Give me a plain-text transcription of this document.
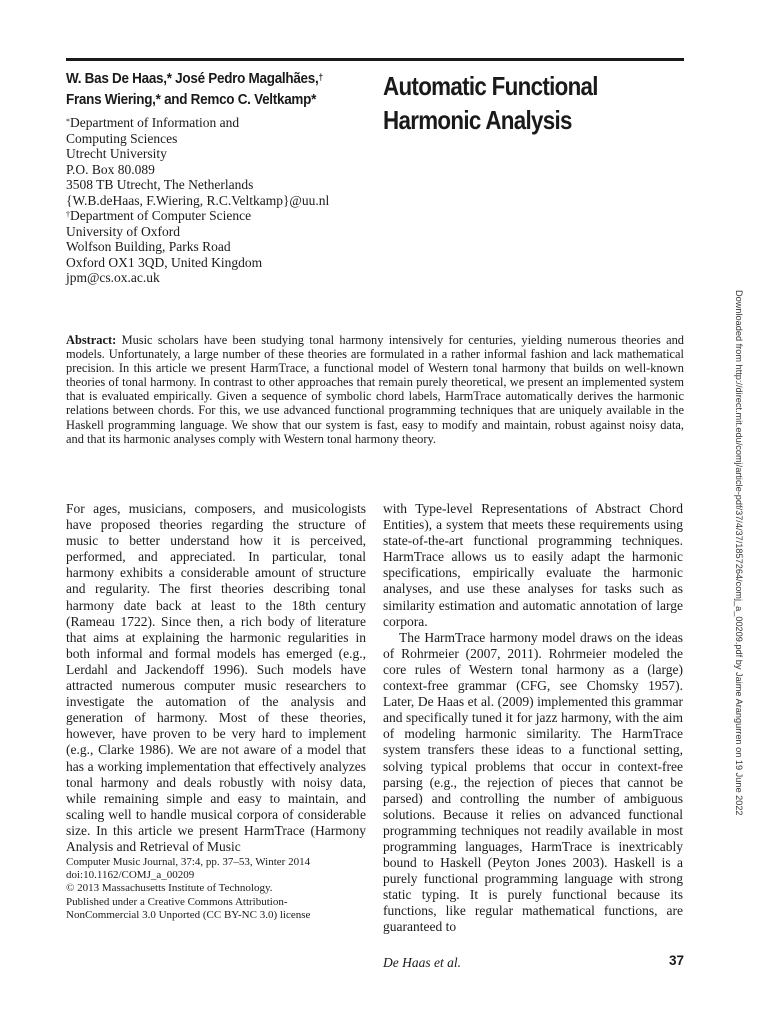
W. Bas De Haas,* José Pedro Magalhães,†
Frans Wiering,* and Remco C. Veltkamp*
*Department of Information and
Computing Sciences
Utrecht University
P.O. Box 80.089
3508 TB Utrecht, The Netherlands
{W.B.deHaas, F.Wiering, R.C.Veltkamp}@uu.nl
†Department of Computer Science
University of Oxford
Wolfson Building, Parks Road
Oxford OX1 3QD, United Kingdom
jpm@cs.ox.ac.uk
Automatic Functional
Harmonic Analysis
Abstract: Music scholars have been studying tonal harmony intensively for centuries, yielding numerous theories and models. Unfortunately, a large number of these theories are formulated in a rather informal fashion and lack mathematical precision. In this article we present HarmTrace, a functional model of Western tonal harmony that builds on well-known theories of tonal harmony. In contrast to other approaches that remain purely theoretical, we present an implemented system that is evaluated empirically. Given a sequence of symbolic chord labels, HarmTrace automatically derives the harmonic relations between chords. For this, we use advanced functional programming techniques that are uniquely available in the Haskell programming language. We show that our system is fast, easy to modify and maintain, robust against noisy data, and that its harmonic analyses comply with Western tonal harmony theory.

For ages, musicians, composers, and musicologists have proposed theories regarding the structure of music to better understand how it is perceived, performed, and appreciated. In particular, tonal harmony exhibits a considerable amount of structure and regularity. The first theories describing tonal harmony date back at least to the 18th century (Rameau 1722). Since then, a rich body of literature that aims at explaining the harmonic regularities in both informal and formal models has emerged (e.g., Lerdahl and Jackendoff 1996). Such models have attracted numerous computer music researchers to investigate the automation of the analysis and generation of harmony. Most of these theories, however, have proven to be very hard to implement (e.g., Clarke 1986). We are not aware of a model that has a working implementation that effectively analyzes tonal harmony and deals robustly with noisy data, while remaining simple and easy to maintain, and scaling well to handle musical corpora of considerable size. In this article we present HarmTrace (Harmony Analysis and Retrieval of Music

with Type-level Representations of Abstract Chord Entities), a system that meets these requirements using state-of-the-art functional programming techniques. HarmTrace allows us to easily adapt the harmonic specifications, empirically evaluate the harmonic analyses, and use these analyses for tasks such as similarity estimation and automatic annotation of large corpora.

The HarmTrace harmony model draws on the ideas of Rohrmeier (2007, 2011). Rohrmeier modeled the core rules of Western tonal harmony as a (large) context-free grammar (CFG, see Chomsky 1957). Later, De Haas et al. (2009) implemented this grammar and specifically tuned it for jazz harmony, with the aim of modeling harmonic similarity. The HarmTrace system transfers these ideas to a functional setting, solving typical problems that occur in context-free parsing (e.g., the rejection of pieces that cannot be parsed) and controlling the number of ambiguous solutions. Because it relies on advanced functional programming techniques not readily available in most programming languages, HarmTrace is inextricably bound to Haskell (Peyton Jones 2003). Haskell is a purely functional programming language with strong static typing. It is purely functional because its functions, like regular mathematical functions, are guaranteed to

Computer Music Journal, 37:4, pp. 37–53, Winter 2014
doi:10.1162/COMJ_a_00209
© 2013 Massachusetts Institute of Technology.
Published under a Creative Commons Attribution-
NonCommercial 3.0 Unported (CC BY-NC 3.0) license
De Haas et al.	37
Downloaded from http://direct.mit.edu/comj/article-pdf/37/4/37/1857264/comj_a_00209.pdf by Jaime Arangurren on 19 June 2022
